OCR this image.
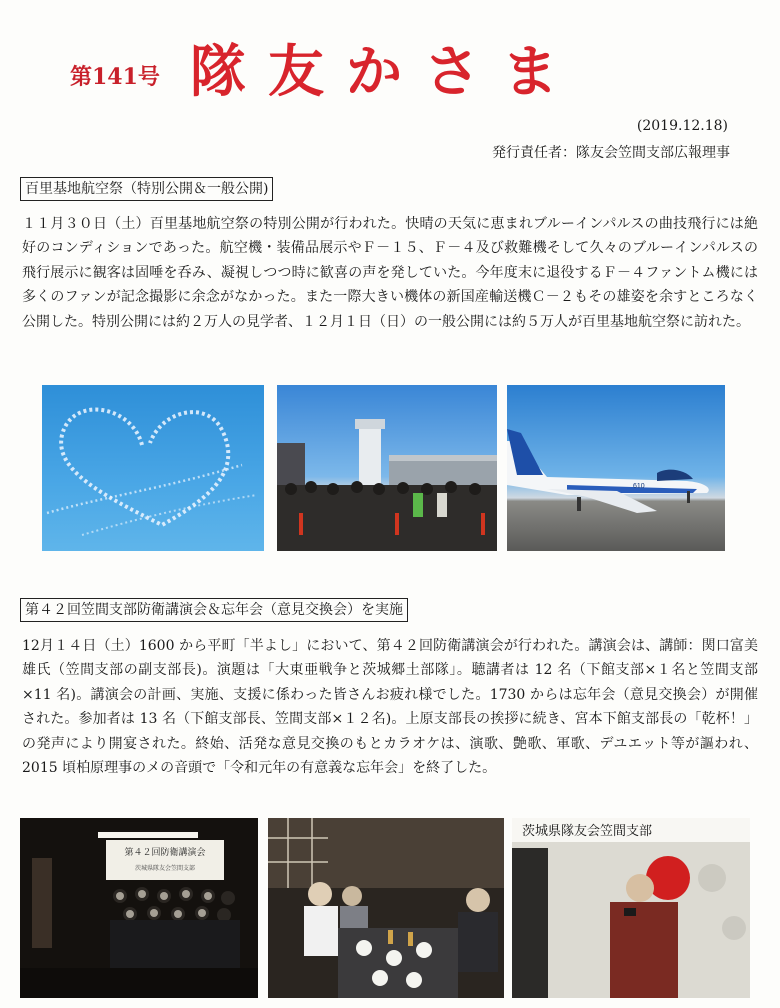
第141号 隊友かさま
(2019.12.18)
発行責任者：隊友会笠間支部広報理事
百里基地航空祭（特別公開＆一般公開)
１１月３０日（土）百里基地航空祭の特別公開が行われた。快晴の天気に恵まれブルーインパルスの曲技飛行には絶好のコンディションであった。航空機・装備品展示やＦ－１５、Ｆ－４及び救難機そして久々のブルーインパルスの飛行展示に観客は固唾を呑み、凝視しつつ時に歓喜の声を発していた。今年度末に退役するＦ－４ファントム機には多くのファンが記念撮影に余念がなかった。また一際大きい機体の新国産輸送機Ｃ－２もその雄姿を余すところなく公開した。特別公開には約２万人の見学者、１２月１日（日）の一般公開には約５万人が百里基地航空祭に訪れた。
610
第４２回笠間支部防衛講演会＆忘年会（意見交換会）を実施
12月１４日（土）1600 から平町「半よし」において、第４２回防衛講演会が行われた。講演会は、講師：関口富美雄氏（笠間支部の副支部長)。演題は「大東亜戦争と茨城郷土部隊」。聴講者は 12 名（下館支部×１名と笠間支部×11 名)。講演会の計画、実施、支援に係わった皆さんお疲れ様でした。1730 からは忘年会（意見交換会）が開催された。参加者は 13 名（下館支部長、笠間支部×１２名)。上原支部長の挨拶に続き、宮本下館支部長の「乾杯！」の発声により開宴された。終始、活発な意見交換のもとカラオケは、演歌、艶歌、軍歌、デユエット等が謳われ、2015 頃柏原理事のメの音頭で「令和元年の有意義な忘年会」を終了した。
第４２回防衛講演会
茨城県隊友会笠間支部
茨城県隊友会笠間支部
